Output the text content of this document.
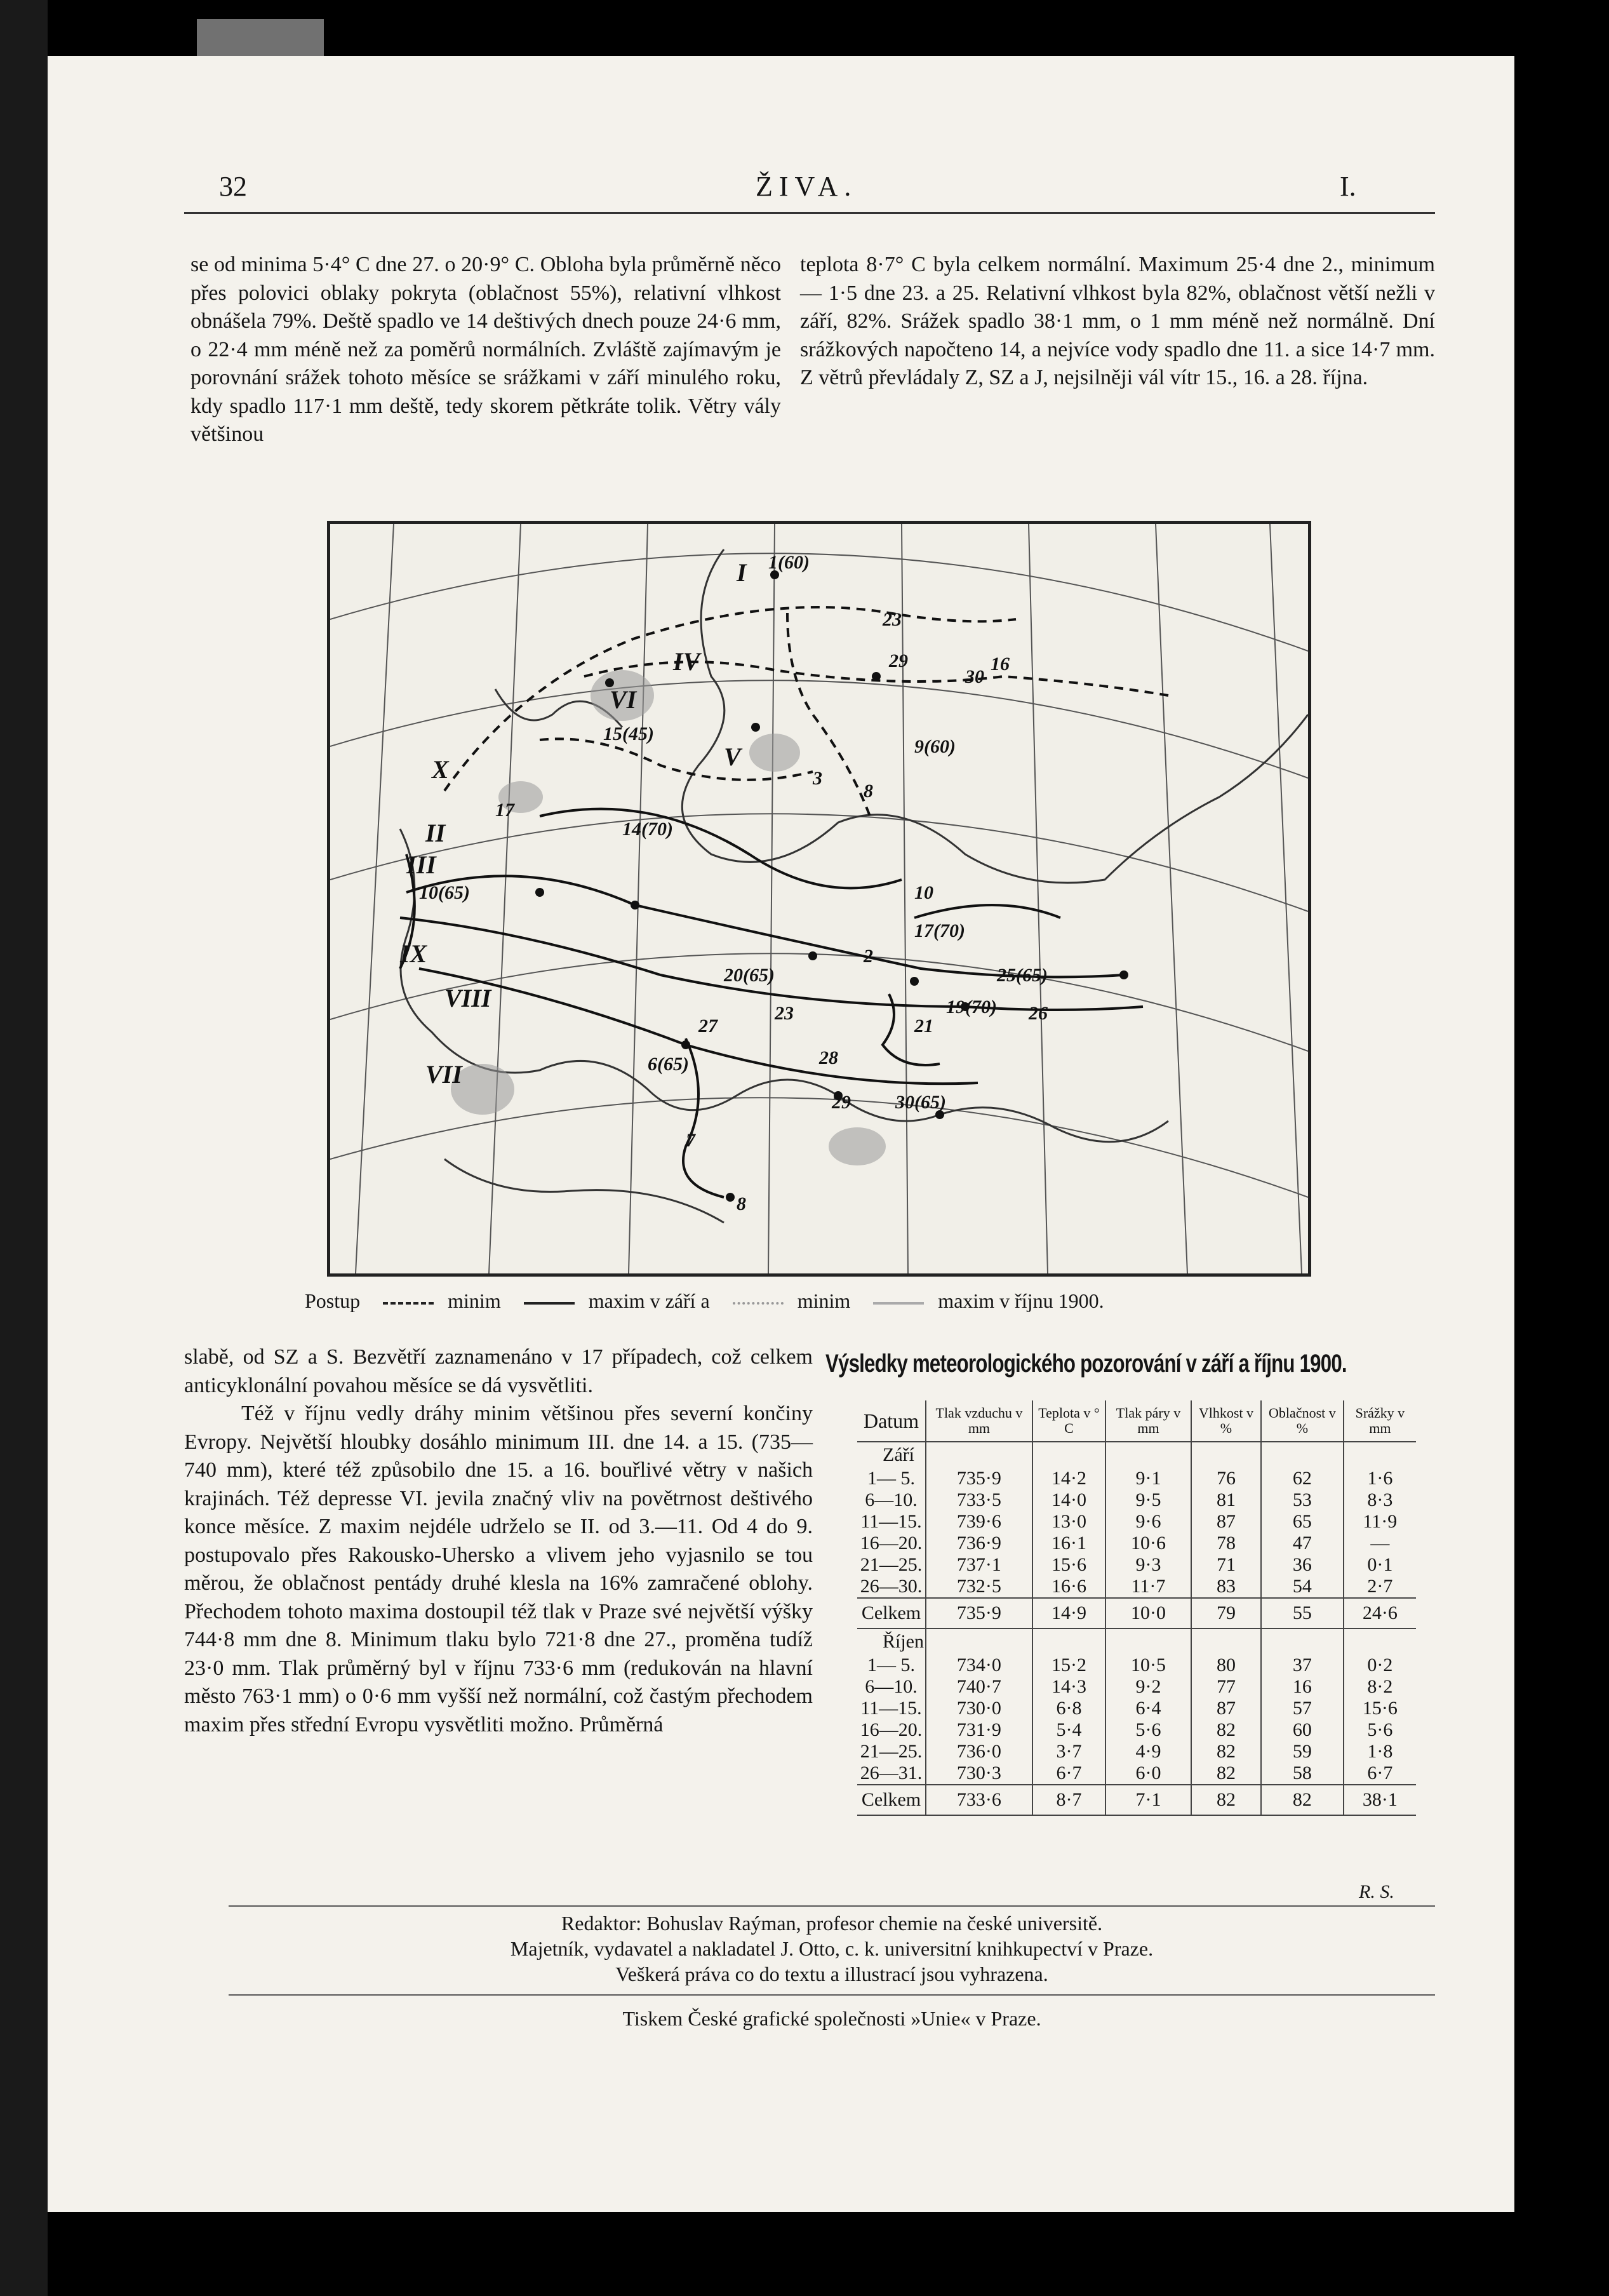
32	ŽIVA.	I.

se od minima 5·4° C dne 27. o 20·9° C. Obloha byla průměrně něco přes polovici oblaky pokryta (oblačnost 55%), relativní vlhkost obnášela 79%. Deště spadlo ve 14 deštivých dnech pouze 24·6 mm, o 22·4 mm méně než za poměrů normálních. Zvláště zajímavým je porovnání srážek tohoto měsíce se srážkami v září minulého roku, kdy spadlo 117·1 mm deště, tedy skorem pětkráte tolik. Větry vály většinou

teplota 8·7° C byla celkem normální. Maximum 25·4 dne 2., minimum — 1·5 dne 23. a 25. Relativní vlhkost byla 82%, oblačnost větší nežli v září, 82%. Srážek spadlo 38·1 mm, o 1 mm méně než normálně. Dní srážkových napočteno 14, a nejvíce vody spadlo dne 11. a sice 14·7 mm. Z větrů převládaly Z, SZ a J, nejsilněji vál vítr 15., 16. a 28. října.

1(60)
23
29	16
15(45)
17
10(65)
20(65)
2
23
28
29 30(65)
27
6(65)
7
8
21
19(70) 26
25(65)
10
17(70)
3
8
9(60)
30
14(70)
I
II
III
IV
V
VI
VII
VIII
IX
X
Postup	minim	maxim v září a	minim	maxim v říjnu 1900.

slabě, od SZ a S. Bezvětří zaznamenáno v 17 případech, což celkem anticyklonální povahou měsíce se dá vysvětliti.

Též v říjnu vedly dráhy minim většinou přes severní končiny Evropy. Největší hloubky dosáhlo minimum III. dne 14. a 15. (735—740 mm), které též způsobilo dne 15. a 16. bouřlivé větry v našich krajinách. Též depresse VI. jevila značný vliv na povětrnost deštivého konce měsíce. Z maxim nejdéle udrželo se II. od 3.—11. Od 4 do 9. postupovalo přes Rakousko-Uhersko a vlivem jeho vyjasnilo se tou měrou, že oblačnost pentády druhé klesla na 16% zamračené oblohy. Přechodem tohoto maxima dostoupil též tlak v Praze své největší výšky 744·8 mm dne 8. Minimum tlaku bylo 721·8 dne 27., proměna tudíž 23·0 mm. Tlak průměrný byl v říjnu 733·6 mm (redukován na hlavní město 763·1 mm) o 0·6 mm vyšší než normální, což častým přechodem maxim přes střední Evropu vysvětliti možno. Průměrná

Výsledky meteorologického pozorování v září a říjnu 1900.
Datum	Tlak vzduchu v mm	Teplota v ° C	Tlak páry v mm	Vlhkost v %	Oblačnost v %	Srážky v mm
Září						
1— 5.	735·9	14·2	9·1	76	62	1·6
6—10.	733·5	14·0	9·5	81	53	8·3
11—15.	739·6	13·0	9·6	87	65	11·9
16—20.	736·9	16·1	10·6	78	47	—
21—25.	737·1	15·6	9·3	71	36	0·1
26—30.	732·5	16·6	11·7	83	54	2·7
Celkem	735·9	14·9	10·0	79	55	24·6
Říjen						
1— 5.	734·0	15·2	10·5	80	37	0·2
6—10.	740·7	14·3	9·2	77	16	8·2
11—15.	730·0	6·8	6·4	87	57	15·6
16—20.	731·9	5·4	5·6	82	60	5·6
21—25.	736·0	3·7	4·9	82	59	1·8
26—31.	730·3	6·7	6·0	82	58	6·7
Celkem	733·6	8·7	7·1	82	82	38·1
R. S.
Redaktor: Bohuslav Raýman, profesor chemie na české universitě.
Majetník, vydavatel a nakladatel J. Otto, c. k. universitní knihkupectví v Praze.
Veškerá práva co do textu a illustrací jsou vyhrazena.
Tiskem České grafické společnosti »Unie« v Praze.
